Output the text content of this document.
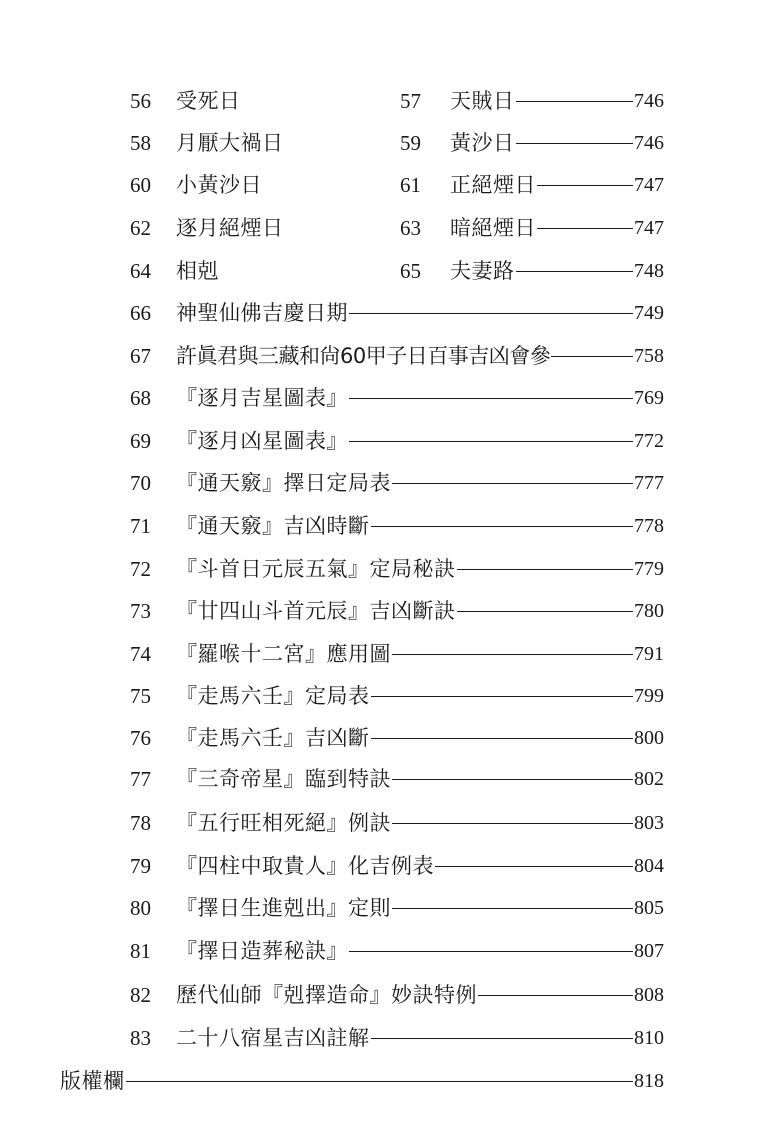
56	受死日	57	天賊日	746
58	月厭大禍日	59	黃沙日	746
60	小黃沙日	61	正絕煙日	747
62	逐月絕煙日	63	暗絕煙日	747
64	相剋	65	夫妻路	748
66	神聖仙佛吉慶日期	749
67	許眞君與三藏和尙60甲子日百事吉凶會參	758
68	『逐月吉星圖表』	769
69	『逐月凶星圖表』	772
70	『通天竅』擇日定局表	777
71	『通天竅』吉凶時斷	778
72	『斗首日元辰五氣』定局秘訣	779
73	『廿四山斗首元辰』吉凶斷訣	780
74	『羅喉十二宮』應用圖	791
75	『走馬六壬』定局表	799
76	『走馬六壬』吉凶斷	800
77	『三奇帝星』臨到特訣	802
78	『五行旺相死絕』例訣	803
79	『四柱中取貴人』化吉例表	804
80	『擇日生進剋出』定則	805
81	『擇日造葬秘訣』	807
82	歷代仙師『剋擇造命』妙訣特例	808
83	二十八宿星吉凶註解	810
版權欄	818
